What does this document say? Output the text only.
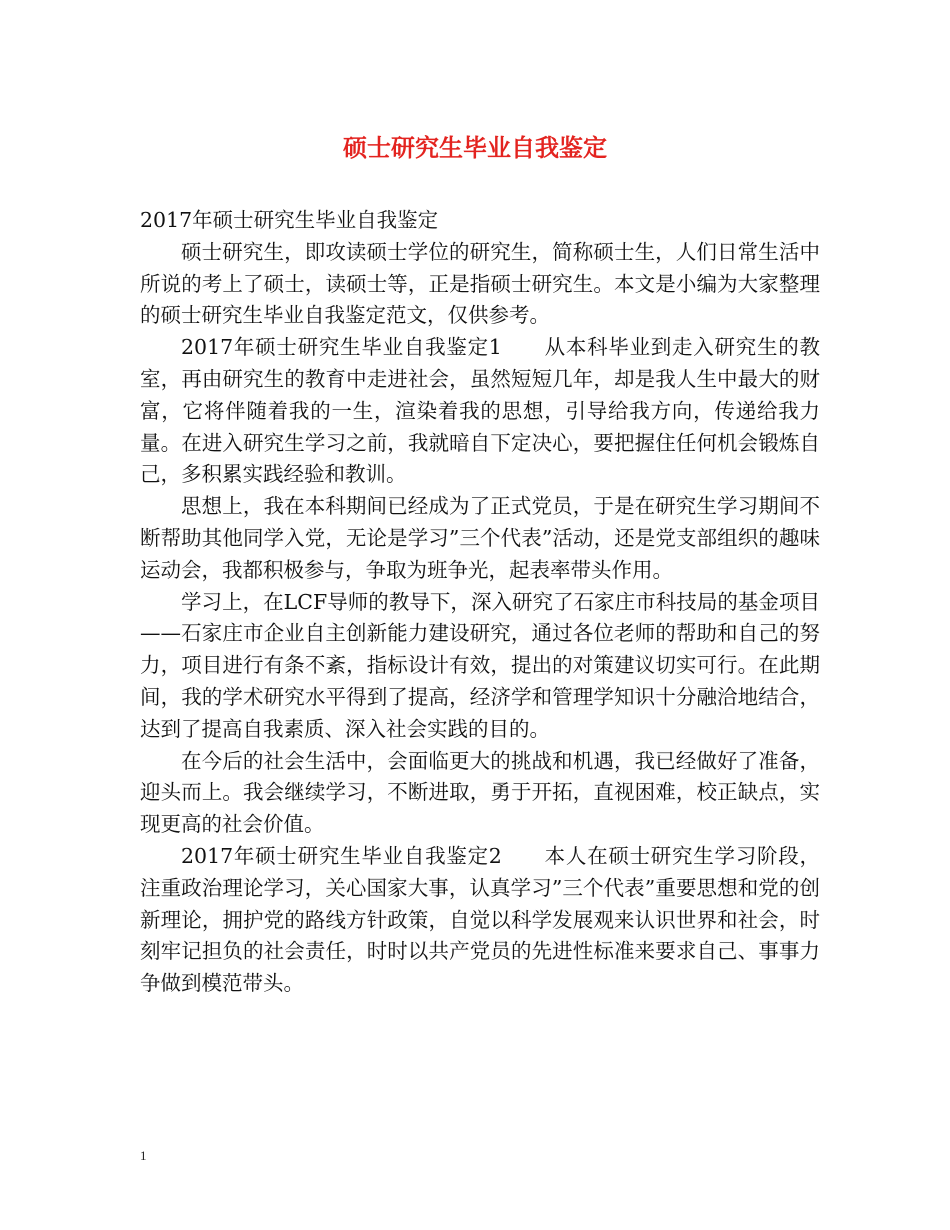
硕士研究生毕业自我鉴定

2017年硕士研究生毕业自我鉴定

硕士研究生，即攻读硕士学位的研究生，简称硕士生，人们日常生活中所说的考上了硕士，读硕士等，正是指硕士研究生。本文是小编为大家整理的硕士研究生毕业自我鉴定范文，仅供参考。

2017年硕士研究生毕业自我鉴定1 从本科毕业到走入研究生的教室，再由研究生的教育中走进社会，虽然短短几年，却是我人生中最大的财富，它将伴随着我的一生，渲染着我的思想，引导给我方向，传递给我力量。在进入研究生学习之前，我就暗自下定决心，要把握住任何机会锻炼自己，多积累实践经验和教训。

思想上，我在本科期间已经成为了正式党员，于是在研究生学习期间不断帮助其他同学入党，无论是学习”三个代表”活动，还是党支部组织的趣味运动会，我都积极参与，争取为班争光，起表率带头作用。

学习上，在LCF导师的教导下，深入研究了石家庄市科技局的基金项目——石家庄市企业自主创新能力建设研究，通过各位老师的帮助和自己的努力，项目进行有条不紊，指标设计有效，提出的对策建议切实可行。在此期间，我的学术研究水平得到了提高，经济学和管理学知识十分融洽地结合，达到了提高自我素质、深入社会实践的目的。

在今后的社会生活中，会面临更大的挑战和机遇，我已经做好了准备，迎头而上。我会继续学习，不断进取，勇于开拓，直视困难，校正缺点，实现更高的社会价值。

2017年硕士研究生毕业自我鉴定2 本人在硕士研究生学习阶段，注重政治理论学习，关心国家大事，认真学习”三个代表”重要思想和党的创新理论，拥护党的路线方针政策，自觉以科学发展观来认识世界和社会，时刻牢记担负的社会责任，时时以共产党员的先进性标准来要求自己、事事力争做到模范带头。

1
